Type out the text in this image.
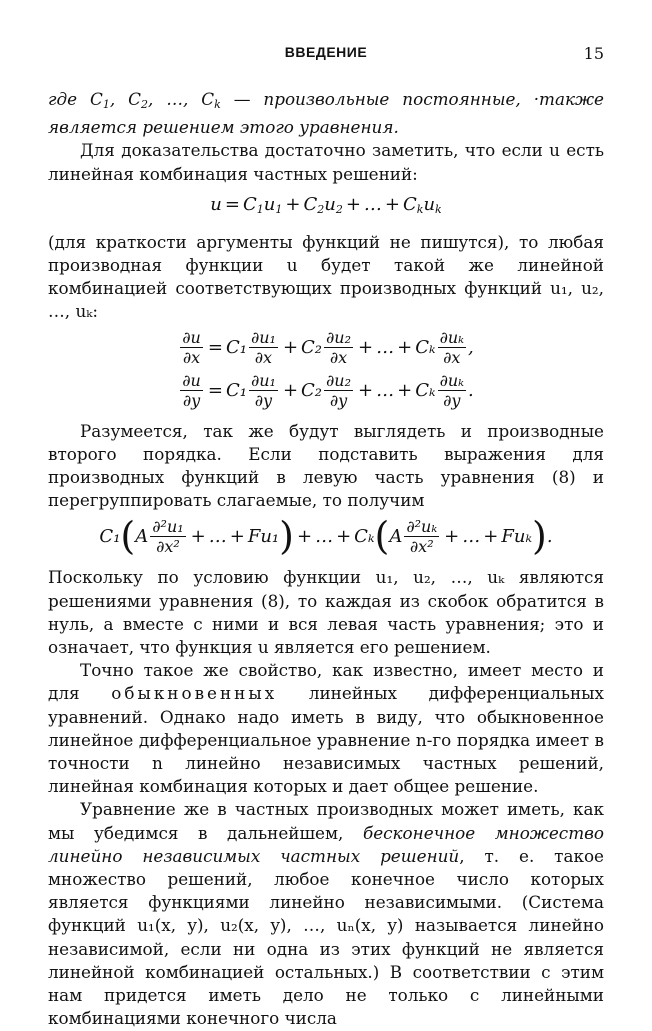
ВВЕДЕНИЕ	15

где $C_1$, $C_2$, …, $C_k$ — произвольные постоянные, ·также является решением этого уравнения.

Для доказательства достаточно заметить, что если u есть линейная комбинация частных решений:

$u = C_1u_1 + C_2u_2$ + … + $C_ku_k$

(для краткости аргументы функций не пишутся), то любая производная функции u будет такой же линейной комбинацией соответствующих производных функций u₁, u₂, …, uₖ:

$\frac{\partial u}{\partial x} = C_1 \frac{\text{∂u₁}}{\partial x} + C_2 \frac{\text{∂u₂}}{\partial x}$ + … + Cₖ $\frac{\text{∂uₖ}}{\partial x}$ ,
$\frac{\partial u}{\partial y} = C_1 \frac{\text{∂u₁}}{\partial y} + C_2 \frac{\text{∂u₂}}{\partial y}$ + … + Cₖ $\frac{\text{∂uₖ}}{\partial y}$ .

Разумеется, так же будут выглядеть и производные второго порядка. Если подставить выражения для производных функций в левую часть уравнения (8) и перегруппировать слагаемые, то получим

C₁ ( A $\frac{\text{∂²u₁}}{\text{∂x²}}$ + … + Fu₁ ) + … + Cₖ ( A $\frac{\text{∂²uₖ}}{\text{∂x²}}$ + … + Fuₖ ) .

Поскольку по условию функции u₁, u₂, …, uₖ являются решениями уравнения (8), то каждая из скобок обратится в нуль, а вместе с ними и вся левая часть уравнения; это и означает, что функция u является его решением.

Точно такое же свойство, как известно, имеет место и для обыкновенных линейных дифференциальных уравнений. Однако надо иметь в виду, что обыкновенное линейное дифференциальное уравнение n-го порядка имеет в точности n линейно независимых частных решений, линейная комбинация которых и дает общее решение.

Уравнение же в частных производных может иметь, как мы убедимся в дальнейшем, бесконечное множество линейно независимых частных решений, т. е. такое множество решений, любое конечное число которых является функциями линейно независимыми. (Система функций u₁(x, y), u₂(x, y), …, uₙ(x, y) называется линейно независимой, если ни одна из этих функций не является линейной комбинацией остальных.) В соответствии с этим нам придется иметь дело не только с линейными комбинациями конечного числа
